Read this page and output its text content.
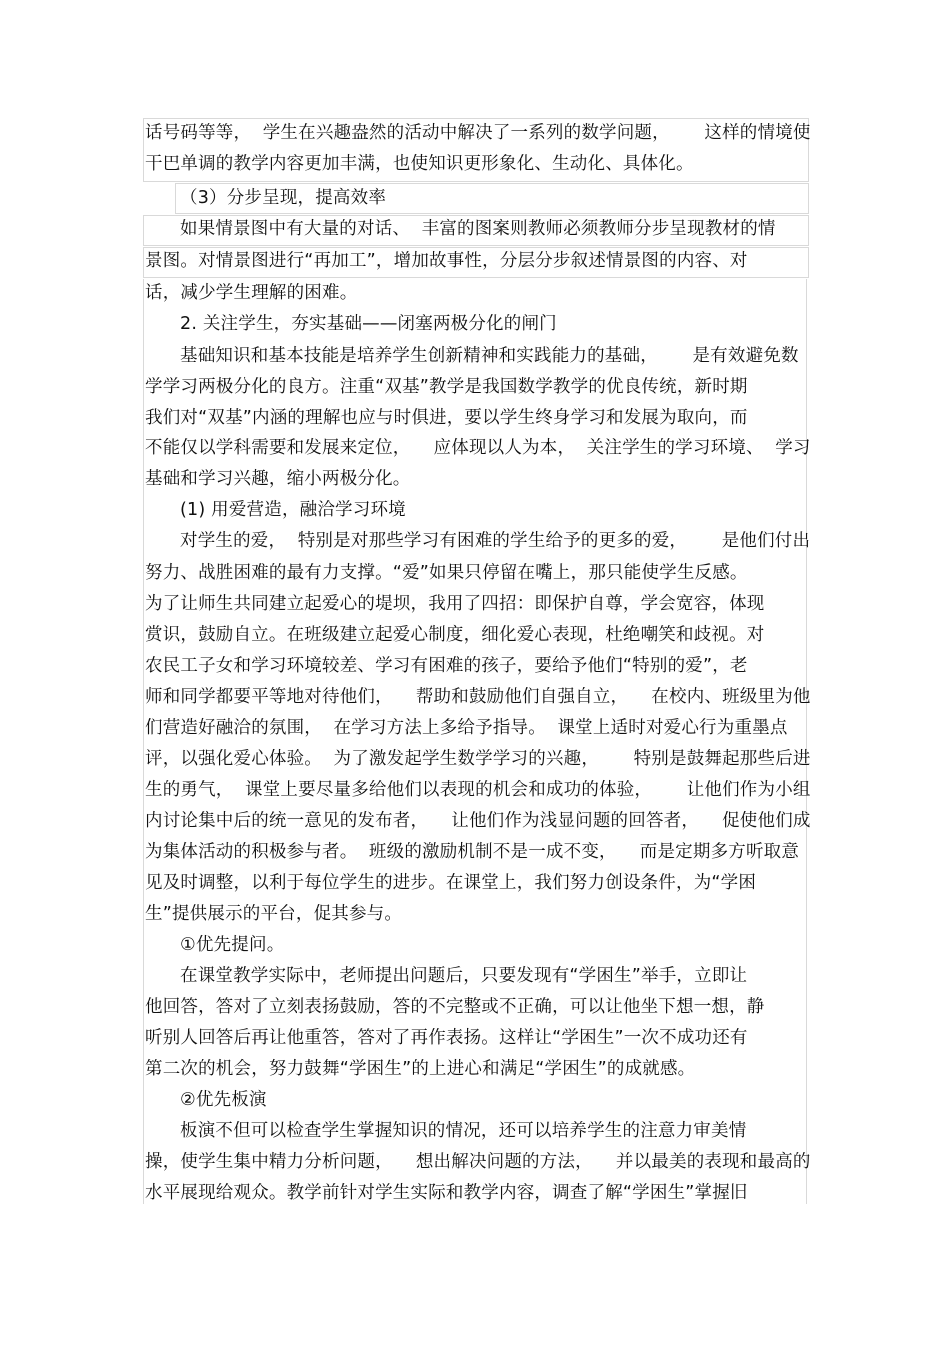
话号码等等，  学生在兴趣盎然的活动中解决了一系列的数学问题，      这样的情境使
干巴单调的教学内容更加丰满，也使知识更形象化、生动化、具体化。
（3）分步呈现，提高效率
如果情景图中有大量的对话、  丰富的图案则教师必须教师分步呈现教材的情
景图。对情景图进行“再加工”，增加故事性，分层分步叙述情景图的内容、对
话，减少学生理解的困难。
2. 关注学生，夯实基础——闭塞两极分化的闸门
基础知识和基本技能是培养学生创新精神和实践能力的基础，      是有效避免数
学学习两极分化的良方。注重“双基”教学是我国数学教学的优良传统，新时期
我们对“双基”内涵的理解也应与时俱进，要以学生终身学习和发展为取向，而
不能仅以学科需要和发展来定位，    应体现以人为本，  关注学生的学习环境、  学习
基础和学习兴趣，缩小两极分化。
(1) 用爱营造，融洽学习环境
对学生的爱，  特别是对那些学习有困难的学生给予的更多的爱，      是他们付出
努力、战胜困难的最有力支撑。“爱”如果只停留在嘴上，那只能使学生反感。
为了让师生共同建立起爱心的堤坝，我用了四招：即保护自尊，学会宽容，体现
赏识，鼓励自立。在班级建立起爱心制度，细化爱心表现，杜绝嘲笑和歧视。对
农民工子女和学习环境较差、学习有困难的孩子，要给予他们“特别的爱”，老
师和同学都要平等地对待他们，    帮助和鼓励他们自强自立，    在校内、班级里为他
们营造好融洽的氛围，  在学习方法上多给予指导。  课堂上适时对爱心行为重墨点
评，以强化爱心体验。  为了激发起学生数学学习的兴趣，      特别是鼓舞起那些后进
生的勇气，  课堂上要尽量多给他们以表现的机会和成功的体验，      让他们作为小组
内讨论集中后的统一意见的发布者，    让他们作为浅显问题的回答者，    促使他们成
为集体活动的积极参与者。  班级的激励机制不是一成不变，    而是定期多方听取意
见及时调整，以利于每位学生的进步。在课堂上，我们努力创设条件，为“学困
生”提供展示的平台，促其参与。
①优先提问。
在课堂教学实际中，老师提出问题后，只要发现有“学困生”举手，立即让
他回答，答对了立刻表扬鼓励，答的不完整或不正确，可以让他坐下想一想，静
听别人回答后再让他重答，答对了再作表扬。这样让“学困生”一次不成功还有
第二次的机会，努力鼓舞“学困生”的上进心和满足“学困生”的成就感。
②优先板演
板演不但可以检查学生掌握知识的情况，还可以培养学生的注意力审美情
操，使学生集中精力分析问题，    想出解决问题的方法，    并以最美的表现和最高的
水平展现给观众。教学前针对学生实际和教学内容，调查了解“学困生”掌握旧
